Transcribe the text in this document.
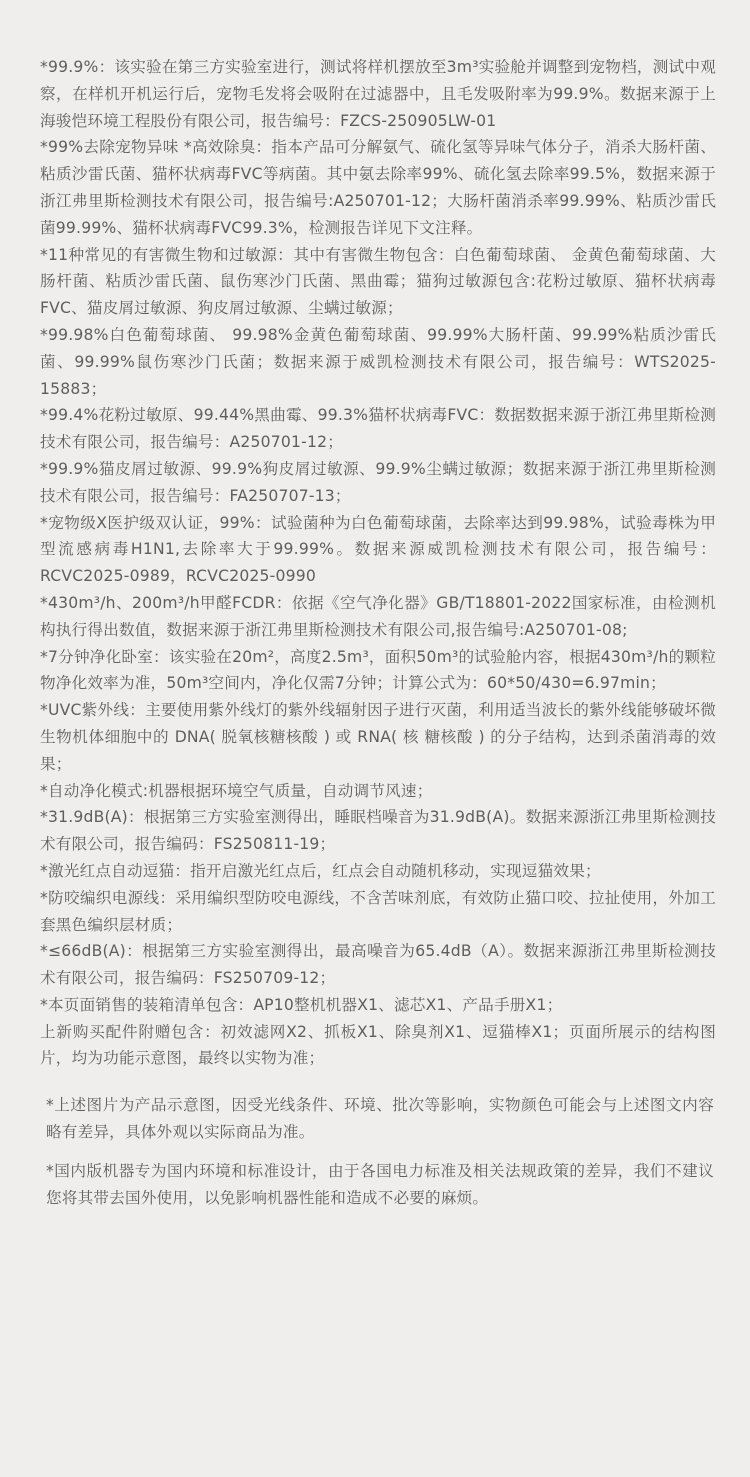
*99.9%：该实验在第三方实验室进行，测试将样机摆放至3m³实验舱并调整到宠物档，测试中观察，在样机开机运行后，宠物毛发将会吸附在过滤器中，且毛发吸附率为99.9%。数据来源于上海骏恺环境工程股份有限公司，报告编号：FZCS-250905LW-01

*99%去除宠物异味 *高效除臭：指本产品可分解氨气、硫化氢等异味气体分子，消杀大肠杆菌、粘质沙雷氏菌、猫杯状病毒FVC等病菌。其中氨去除率99%、硫化氢去除率99.5%，数据来源于浙江弗里斯检测技术有限公司，报告编号:A250701-12；大肠杆菌消杀率99.99%、粘质沙雷氏菌99.99%、猫杯状病毒FVC99.3%，检测报告详见下文注释。

*11种常见的有害微生物和过敏源：其中有害微生物包含：白色葡萄球菌、 金黄色葡萄球菌、大肠杆菌、粘质沙雷氏菌、鼠伤寒沙门氏菌、黑曲霉；猫狗过敏源包含:花粉过敏原、猫杯状病毒FVC、猫皮屑过敏源、狗皮屑过敏源、尘螨过敏源；

*99.98%白色葡萄球菌、 99.98%金黄色葡萄球菌、99.99%大肠杆菌、99.99%粘质沙雷氏菌、99.99%鼠伤寒沙门氏菌；数据来源于威凯检测技术有限公司，报告编号：WTS2025-15883；

*99.4%花粉过敏原、99.44%黑曲霉、99.3%猫杯状病毒FVC：数据数据来源于浙江弗里斯检测技术有限公司，报告编号：A250701-12；

*99.9%猫皮屑过敏源、99.9%狗皮屑过敏源、99.9%尘螨过敏源；数据来源于浙江弗里斯检测技术有限公司，报告编号：FA250707-13；

*宠物级X医护级双认证，99%：试验菌种为白色葡萄球菌，去除率达到99.98%，试验毒株为甲型流感病毒H1N1,去除率大于99.99%。数据来源威凯检测技术有限公司，报告编号：RCVC2025-0989，RCVC2025-0990

*430m³/h、200m³/h甲醛FCDR：依据《空气净化器》GB/T18801-2022国家标准，由检测机构执行得出数值，数据来源于浙江弗里斯检测技术有限公司,报告编号:A250701-08;

*7分钟净化卧室：该实验在20m²，高度2.5m³，面积50m³的试验舱内容，根据430m³/h的颗粒物净化效率为准，50m³空间内，净化仅需7分钟；计算公式为：60*50/430=6.97min；

*UVC紫外线：主要使用紫外线灯的紫外线辐射因子进行灭菌，利用适当波长的紫外线能够破坏微生物机体细胞中的 DNA( 脱氧核糖核酸 ) 或 RNA( 核 糖核酸 ) 的分子结构，达到杀菌消毒的效果；

*自动净化模式:机器根据环境空气质量，自动调节风速；

*31.9dB(A)：根据第三方实验室测得出，睡眠档噪音为31.9dB(A)。数据来源浙江弗里斯检测技术有限公司，报告编码：FS250811-19；

*激光红点自动逗猫：指开启激光红点后，红点会自动随机移动，实现逗猫效果；

*防咬编织电源线：采用编织型防咬电源线，不含苦味剂底，有效防止猫口咬、拉扯使用，外加工套黑色编织层材质；

*≤66dB(A)：根据第三方实验室测得出，最高噪音为65.4dB（A）。数据来源浙江弗里斯检测技术有限公司，报告编码：FS250709-12；

*本页面销售的装箱清单包含：AP10整机机器X1、滤芯X1、产品手册X1；

上新购买配件附赠包含：初效滤网X2、抓板X1、除臭剂X1、逗猫棒X1；页面所展示的结构图片，均为功能示意图，最终以实物为准；

*上述图片为产品示意图，因受光线条件、环境、批次等影响，实物颜色可能会与上述图文内容略有差异，具体外观以实际商品为准。

*国内版机器专为国内环境和标准设计，由于各国电力标准及相关法规政策的差异，我们不建议您将其带去国外使用，以免影响机器性能和造成不必要的麻烦。
